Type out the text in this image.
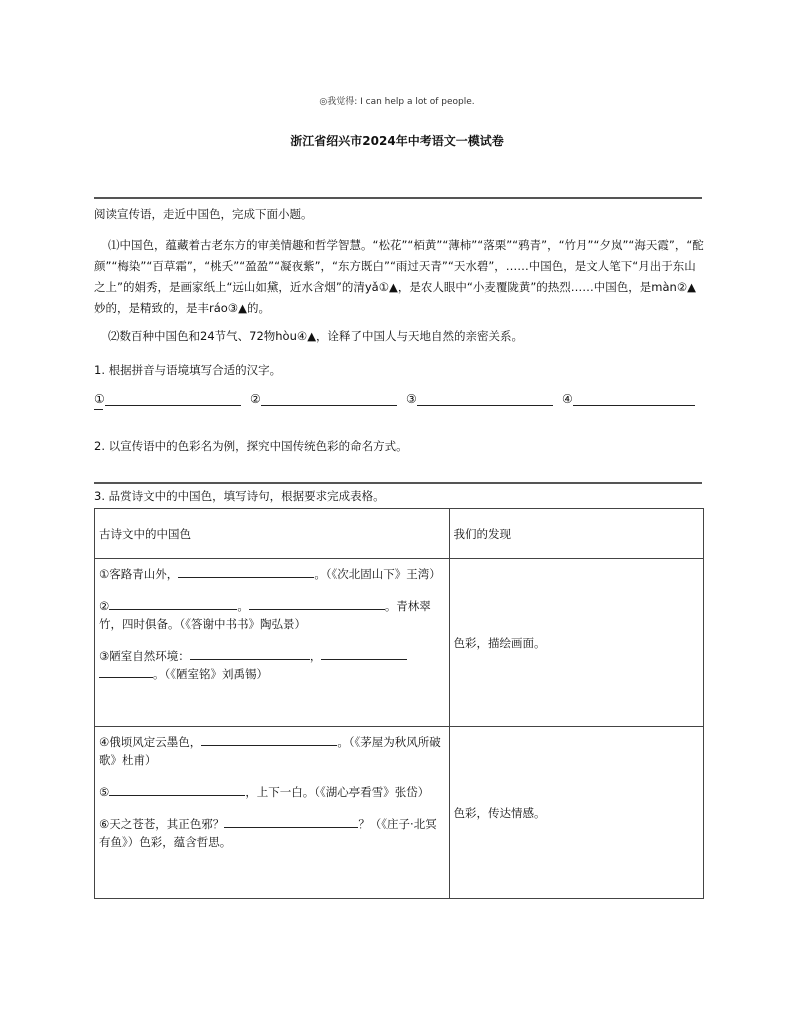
◎我觉得: I can help a lot of people.
浙江省绍兴市2024年中考语文一模试卷
阅读宣传语，走近中国色，完成下面小题。
⑴中国色，蕴藏着古老东方的审美情趣和哲学智慧。“松花”“栢黄”“薄柿”“落栗”“鸦青”，“竹月”“夕岚”“海天霞”，“酡颜”“梅染”“百草霜”，“桃夭”“盈盈”“凝夜紫”，“东方既白”“雨过天青”“天水碧”，……中国色，是文人笔下“月出于东山之上”的娟秀，是画家纸上“远山如黛，近水含烟”的清yǎ①▲，是农人眼中“小麦覆陇黄”的热烈……中国色，是màn②▲妙的，是精致的，是丰ráo③▲的。
⑵数百种中国色和24节气、72物hòu④▲，诠释了中国人与天地自然的亲密关系。
1. 根据拼音与语境填写合适的汉字。
①	②	③	④
2. 以宣传语中的色彩名为例，探究中国传统色彩的命名方式。
3. 品赏诗文中的中国色，填写诗句，根据要求完成表格。
古诗文中的中国色	我们的发现

①客路青山外， 。（《次北固山下》王湾）
② 。 。青林翠竹，四时俱备。（《答谢中书书》陶弘景）
③陋室自然环境： ，。（《陋室铭》刘禹锡）	色彩，描绘画面。

④俄顷风定云墨色， 。（《茅屋为秋风所破歌》杜甫）
⑤ ，上下一白。（《湖心亭看雪》张岱）
⑥天之苍苍，其正色邪？ ？（《庄子·北冥有鱼》）色彩，蕴含哲思。	色彩，传达情感。
